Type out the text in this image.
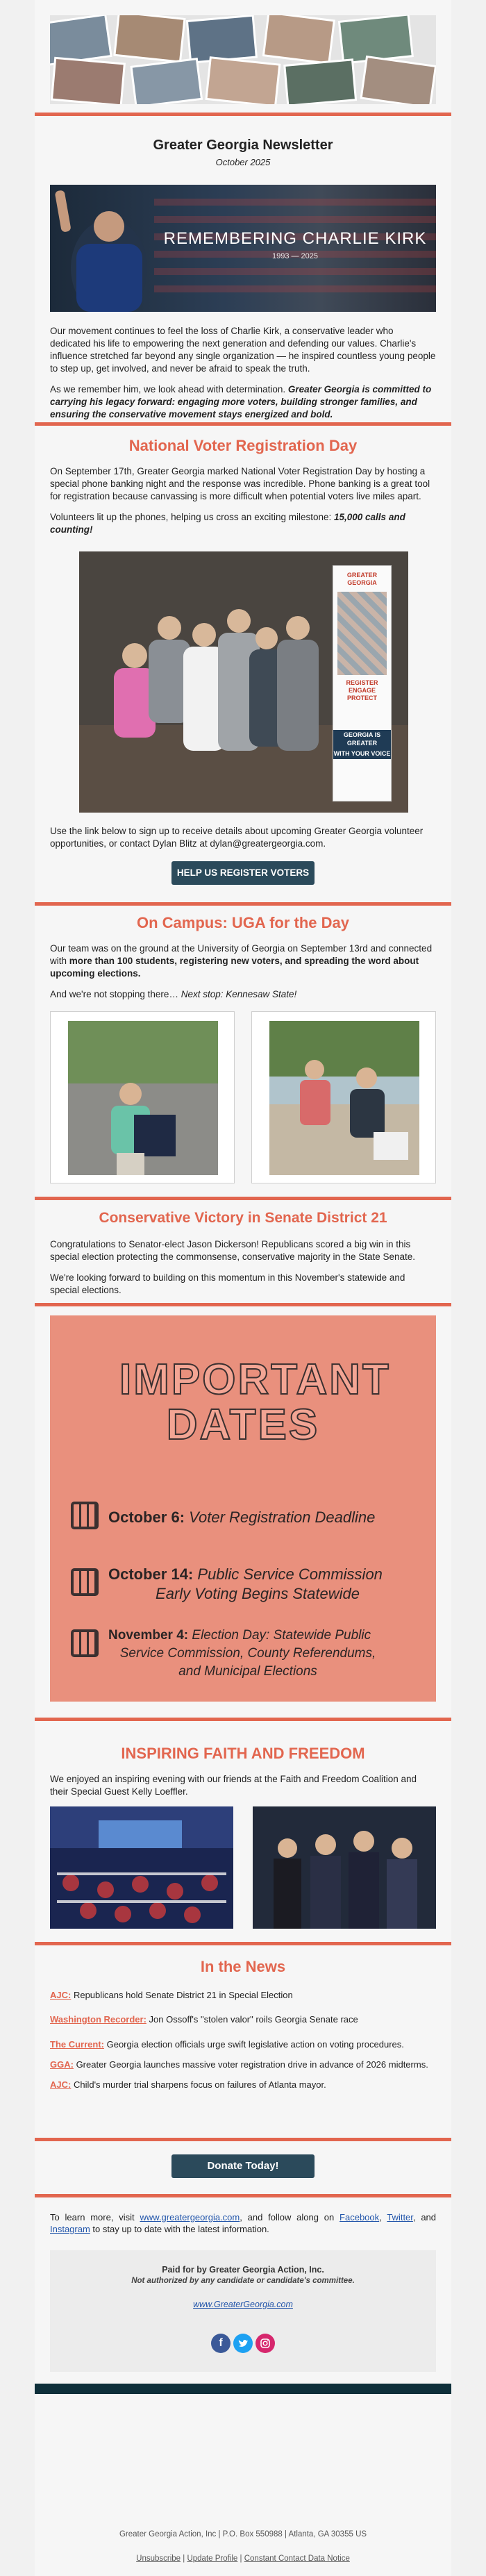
Greater Georgia Newsletter
October 2025
REMEMBERING CHARLIE KIRK
1993 — 2025

Our movement continues to feel the loss of Charlie Kirk, a conservative leader who dedicated his life to empowering the next generation and defending our values. Charlie's influence stretched far beyond any single organization — he inspired countless young people to step up, get involved, and never be afraid to speak the truth.

As we remember him, we look ahead with determination. Greater Georgia is committed to carrying his legacy forward: engaging more voters, building stronger families, and ensuring the conservative movement stays energized and bold.

National Voter Registration Day

On September 17th, Greater Georgia marked National Voter Registration Day by hosting a special phone banking night and the response was incredible. Phone banking is a great tool for registration because canvassing is more difficult when potential voters live miles apart.

Volunteers lit up the phones, helping us cross an exciting milestone: 15,000 calls and counting!

GREATER
GEORGIA
REGISTER
ENGAGE
PROTECT
GEORGIA IS GREATER
WITH YOUR VOICE

Use the link below to sign up to receive details about upcoming Greater Georgia volunteer opportunities, or contact Dylan Blitz at dylan@greatergeorgia.com.

HELP US REGISTER VOTERS
On Campus: UGA for the Day

Our team was on the ground at the University of Georgia on September 13rd and connected with more than 100 students, registering new voters, and spreading the word about upcoming elections.

And we're not stopping there… Next stop: Kennesaw State!

Conservative Victory in Senate District 21

Congratulations to Senator-elect Jason Dickerson! Republicans scored a big win in this special election protecting the commonsense, conservative majority in the State Senate.

We're looking forward to building on this momentum in this November's statewide and special elections.

IMPORTANT DATES
October 6: Voter Registration Deadline
October 14: Public Service Commission
Early Voting Begins Statewide
November 4: Election Day: Statewide Public
Service Commission, County Referendums,
and Municipal Elections
INSPIRING FAITH AND FREEDOM

We enjoyed an inspiring evening with our friends at the Faith and Freedom Coalition and their Special Guest Kelly Loeffler.

In the News

AJC: Republicans hold Senate District 21 in Special Election

Washington Recorder: Jon Ossoff's "stolen valor" roils Georgia Senate race

The Current: Georgia election officials urge swift legislative action on voting procedures.

GGA: Greater Georgia launches massive voter registration drive in advance of 2026 midterms.

AJC: Child's murder trial sharpens focus on failures of Atlanta mayor.

Donate Today!
To learn more, visit www.greatergeorgia.com, and follow along on Facebook, Twitter, and Instagram to stay up to date with the latest information.
Paid for by Greater Georgia Action, Inc.
Not authorized by any candidate or candidate's committee.
www.GreaterGeorgia.com
f
Greater Georgia Action, Inc | P.O. Box 550988 | Atlanta, GA 30355 US
Unsubscribe | Update Profile | Constant Contact Data Notice
